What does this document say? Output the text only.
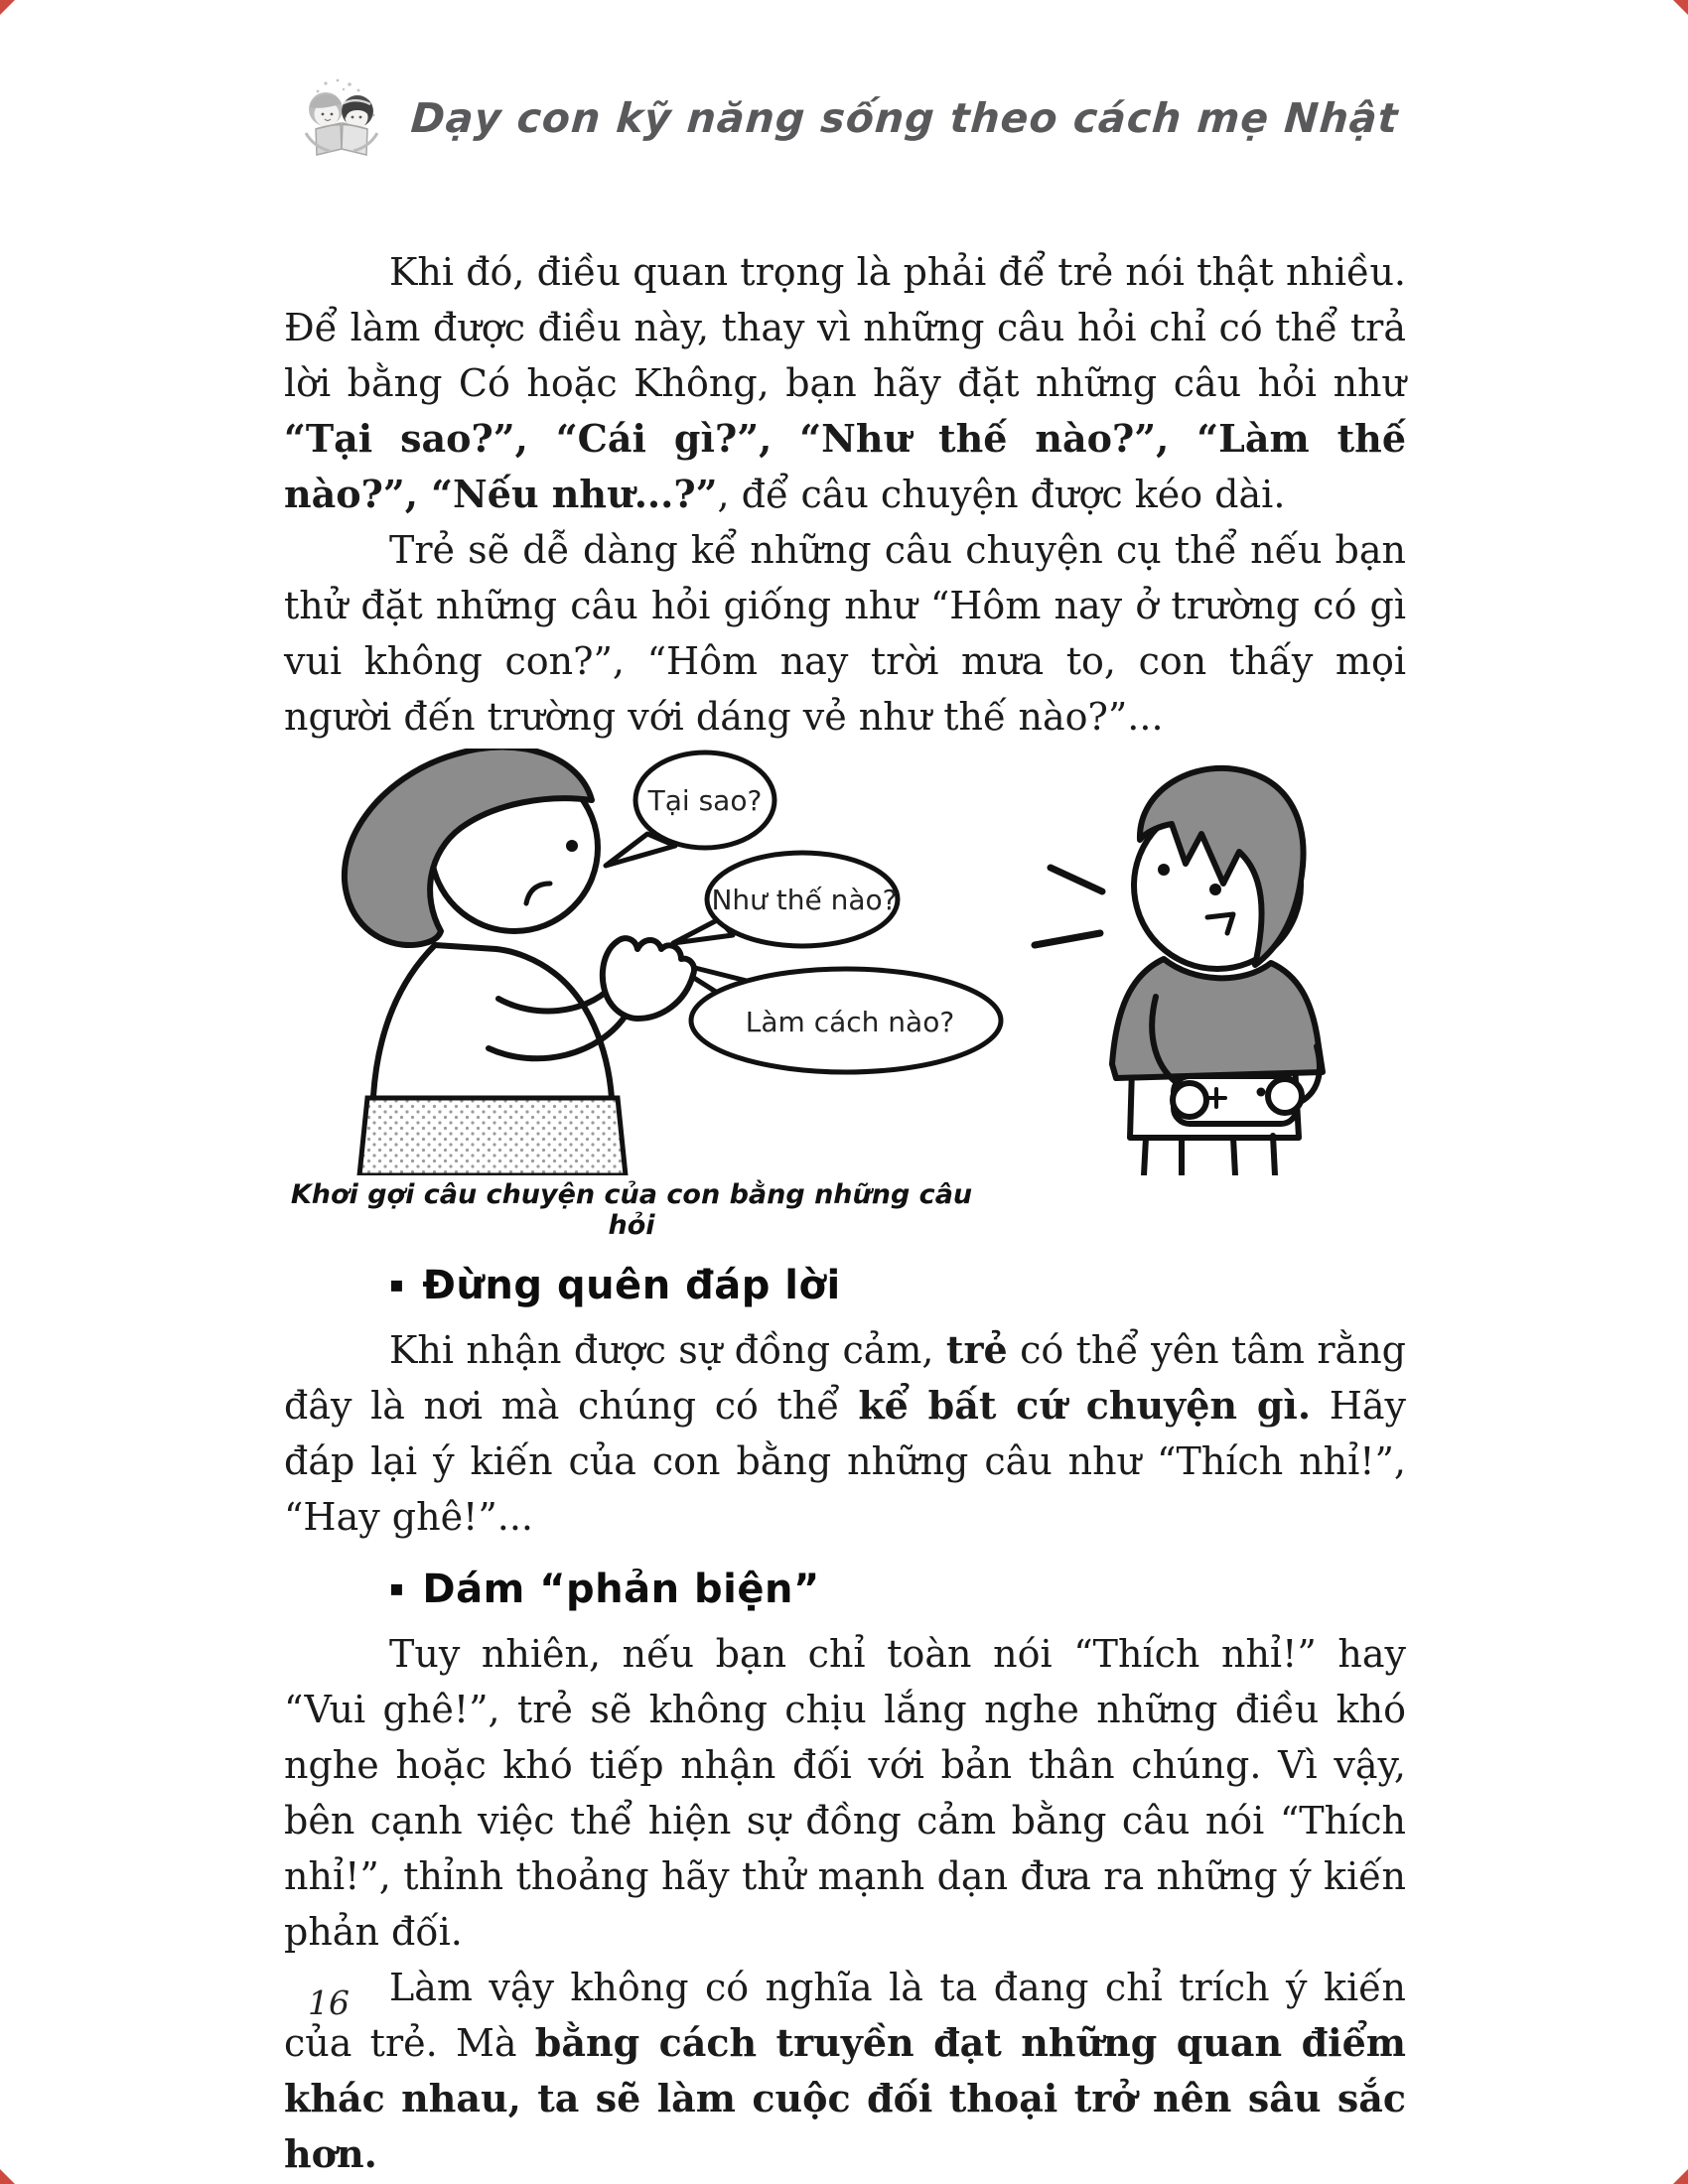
Dạy con kỹ năng sống theo cách mẹ Nhật

Khi đó, điều quan trọng là phải để trẻ nói thật nhiều. Để làm được điều này, thay vì những câu hỏi chỉ có thể trả lời bằng Có hoặc Không, bạn hãy đặt những câu hỏi như “Tại sao?”, “Cái gì?”, “Như thế nào?”, “Làm thế nào?”, “Nếu như...?”, để câu chuyện được kéo dài.

Trẻ sẽ dễ dàng kể những câu chuyện cụ thể nếu bạn thử đặt những câu hỏi giống như “Hôm nay ở trường có gì vui không con?”, “Hôm nay trời mưa to, con thấy mọi người đến trường với dáng vẻ như thế nào?”...

Tại sao?
Như thế nào?
Làm cách nào?
Khơi gợi câu chuyện của con bằng những câu hỏi
▪ Đừng quên đáp lời

Khi nhận được sự đồng cảm, trẻ có thể yên tâm rằng đây là nơi mà chúng có thể kể bất cứ chuyện gì. Hãy đáp lại ý kiến của con bằng những câu như “Thích nhỉ!”, “Hay ghê!”...

▪ Dám “phản biện”

Tuy nhiên, nếu bạn chỉ toàn nói “Thích nhỉ!” hay “Vui ghê!”, trẻ sẽ không chịu lắng nghe những điều khó nghe hoặc khó tiếp nhận đối với bản thân chúng. Vì vậy, bên cạnh việc thể hiện sự đồng cảm bằng câu nói “Thích nhỉ!”, thỉnh thoảng hãy thử mạnh dạn đưa ra những ý kiến phản đối.

Làm vậy không có nghĩa là ta đang chỉ trích ý kiến của trẻ. Mà bằng cách truyền đạt những quan điểm khác nhau, ta sẽ làm cuộc đối thoại trở nên sâu sắc hơn.

16
